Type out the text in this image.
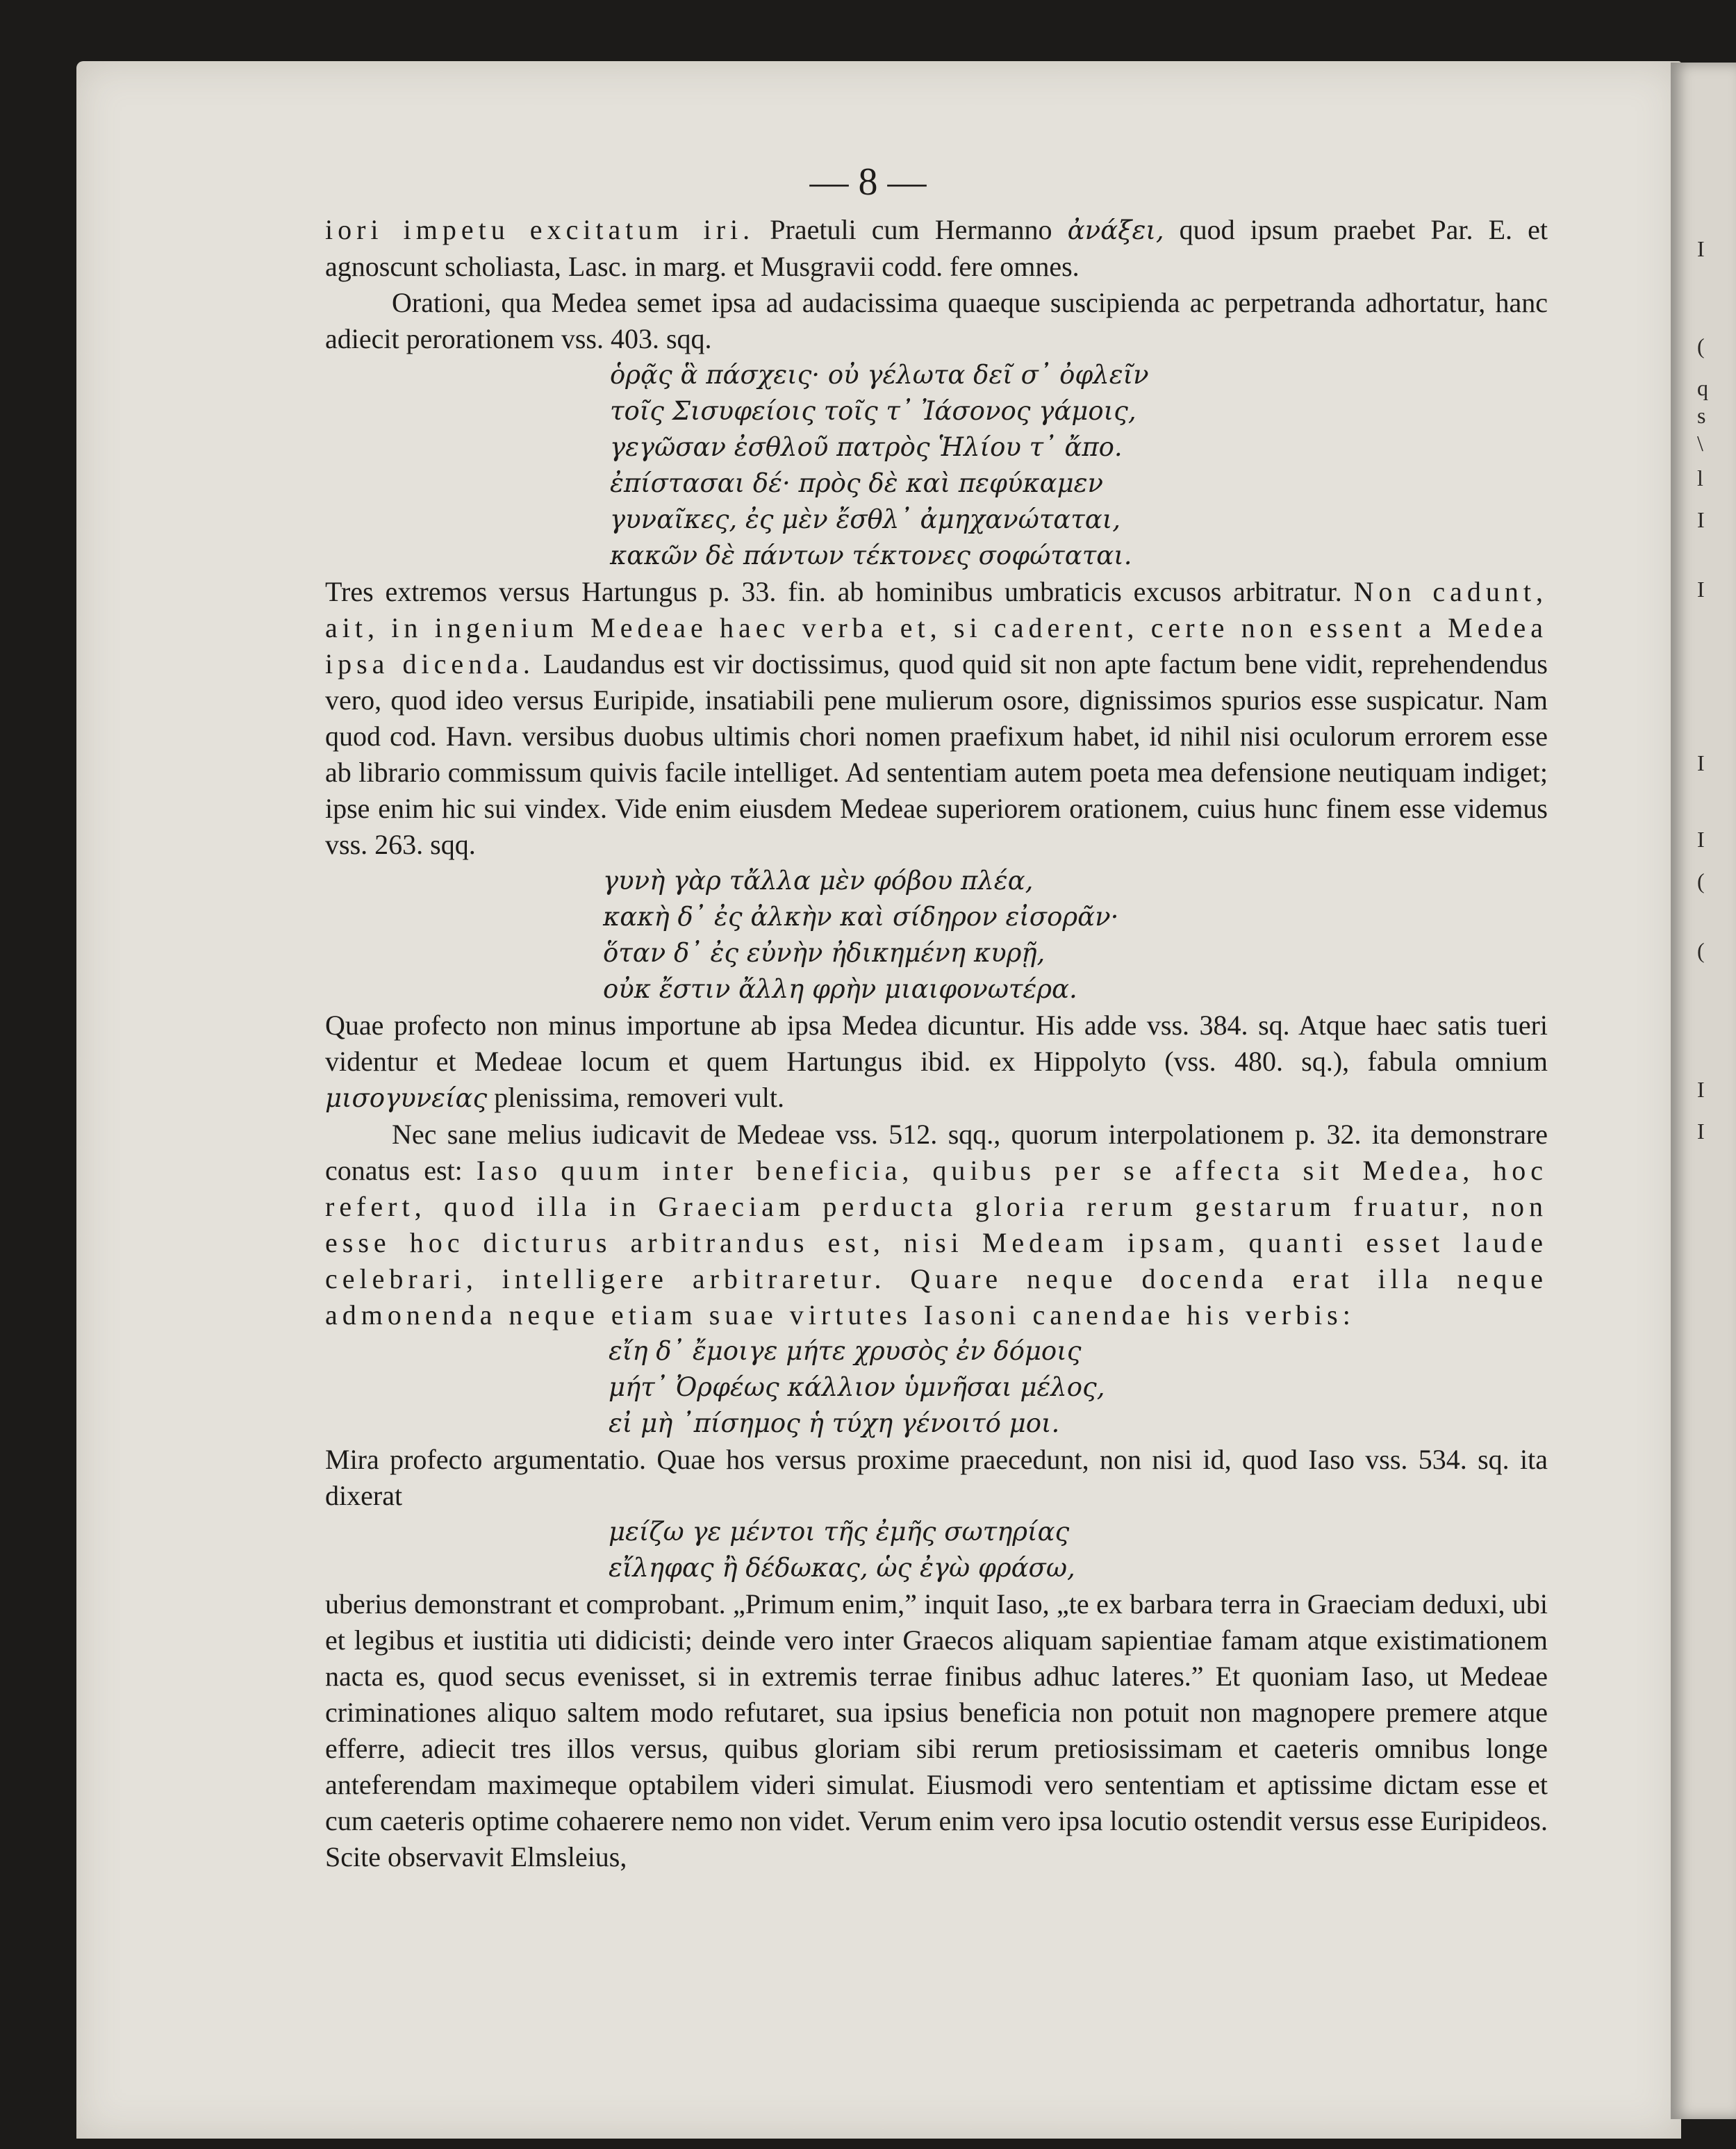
I
(
q
s
\
l
I
I
I
I
(
(
I
I
— 8 —

iori impetu excitatum iri. Praetuli cum Hermanno ἀνάξει, quod ipsum praebet Par. E. et agnoscunt scholiasta, Lasc. in marg. et Musgravii codd. fere omnes.

Orationi, qua Medea semet ipsa ad audacissima quaeque suscipienda ac perpetranda adhortatur, hanc adiecit perorationem vss. 403. sqq.

ὁρᾷς ἃ πάσχεις· οὐ γέλωτα δεῖ σ᾽ ὀφλεῖν
τοῖς Σισυφείοις τοῖς τ᾽ Ἰάσονος γάμοις,
γεγῶσαν ἐσθλοῦ πατρὸς Ἡλίου τ᾽ ἄπο.
ἐπίστασαι δέ· πρὸς δὲ καὶ πεφύκαμεν
γυναῖκες, ἐς μὲν ἔσθλ᾽ ἀμηχανώταται,
κακῶν δὲ πάντων τέκτονες σοφώταται.

Tres extremos versus Hartungus p. 33. fin. ab hominibus umbraticis excusos arbitratur. Non cadunt, ait, in ingenium Medeae haec verba et, si caderent, certe non essent a Medea ipsa dicenda. Laudandus est vir doctissimus, quod quid sit non apte factum bene vidit, reprehendendus vero, quod ideo versus Euripide, insatiabili pene mulierum osore, dignissimos spurios esse suspicatur. Nam quod cod. Havn. versibus duobus ultimis chori nomen praefixum habet, id nihil nisi oculorum errorem esse ab librario commissum quivis facile intelliget. Ad sententiam autem poeta mea defensione neutiquam indiget; ipse enim hic sui vindex. Vide enim eiusdem Medeae superiorem orationem, cuius hunc finem esse videmus vss. 263. sqq.

γυνὴ γὰρ τἄλλα μὲν φόβου πλέα,
κακὴ δ᾽ ἐς ἀλκὴν καὶ σίδηρον εἰσορᾶν·
ὅταν δ᾽ ἐς εὐνὴν ἠδικημένη κυρῇ,
οὐκ ἔστιν ἄλλη φρὴν μιαιφονωτέρα.

Quae profecto non minus importune ab ipsa Medea dicuntur. His adde vss. 384. sq. Atque haec satis tueri videntur et Medeae locum et quem Hartungus ibid. ex Hippolyto (vss. 480. sq.), fabula omnium μισογυνείας plenissima, removeri vult.

Nec sane melius iudicavit de Medeae vss. 512. sqq., quorum interpolationem p. 32. ita demonstrare conatus est: Iaso quum inter beneficia, quibus per se affecta sit Medea, hoc refert, quod illa in Graeciam perducta gloria rerum gestarum fruatur, non esse hoc dicturus arbitrandus est, nisi Medeam ipsam, quanti esset laude celebrari, intelligere arbitraretur. Quare neque docenda erat illa neque admonenda neque etiam suae virtutes Iasoni canendae his verbis:

εἴη δ᾽ ἔμοιγε μήτε χρυσὸς ἐν δόμοις
μήτ᾽ Ὀρφέως κάλλιον ὑμνῆσαι μέλος,
εἰ μὴ ᾽πίσημος ἡ τύχη γένοιτό μοι.

Mira profecto argumentatio. Quae hos versus proxime praecedunt, non nisi id, quod Iaso vss. 534. sq. ita dixerat

μείζω γε μέντοι τῆς ἐμῆς σωτηρίας
εἴληφας ἢ δέδωκας, ὡς ἐγὼ φράσω,

uberius demonstrant et comprobant. „Primum enim,” inquit Iaso, „te ex barbara terra in Graeciam deduxi, ubi et legibus et iustitia uti didicisti; deinde vero inter Graecos aliquam sapientiae famam atque existimationem nacta es, quod secus evenisset, si in extremis terrae finibus adhuc lateres.” Et quoniam Iaso, ut Medeae criminationes aliquo saltem modo refutaret, sua ipsius beneficia non potuit non magnopere premere atque efferre, adiecit tres illos versus, quibus gloriam sibi rerum pretiosissimam et caeteris omnibus longe anteferendam maximeque optabilem videri simulat. Eiusmodi vero sententiam et aptissime dictam esse et cum caeteris optime cohaerere nemo non videt. Verum enim vero ipsa locutio ostendit versus esse Euripideos. Scite observavit Elmsleius,
